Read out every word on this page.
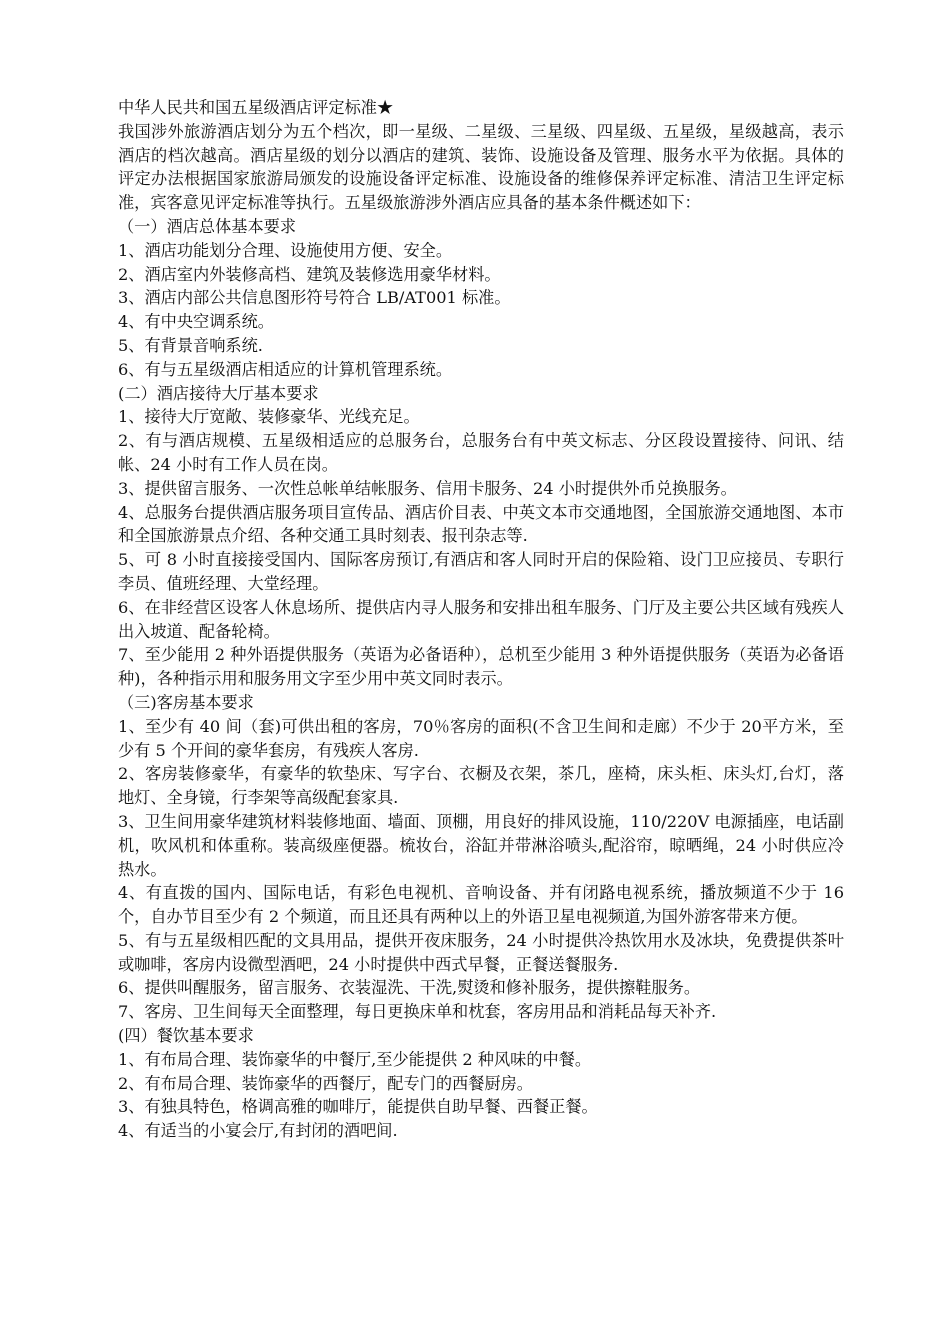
中华人民共和国五星级酒店评定标准★

我国涉外旅游酒店划分为五个档次，即一星级、二星级、三星级、四星级、五星级，星级越高，表示酒店的档次越高。酒店星级的划分以酒店的建筑、装饰、设施设备及管理、服务水平为依据。具体的评定办法根据国家旅游局颁发的设施设备评定标准、设施设备的维修保养评定标准、清洁卫生评定标准，宾客意见评定标准等执行。五星级旅游涉外酒店应具备的基本条件概述如下：

（一）酒店总体基本要求

1、酒店功能划分合理、设施使用方便、安全。

2、酒店室内外装修高档、建筑及装修选用豪华材料。

3、酒店内部公共信息图形符号符合 LB/AT001 标准。

4、有中央空调系统。

5、有背景音响系统.

6、有与五星级酒店相适应的计算机管理系统。

(二）酒店接待大厅基本要求

1、接待大厅宽敞、装修豪华、光线充足。

2、有与酒店规模、五星级相适应的总服务台，总服务台有中英文标志、分区段设置接待、问讯、结帐、24 小时有工作人员在岗。

3、提供留言服务、一次性总帐单结帐服务、信用卡服务、24 小时提供外币兑换服务。

4、总服务台提供酒店服务项目宣传品、酒店价目表、中英文本市交通地图，全国旅游交通地图、本市和全国旅游景点介绍、各种交通工具时刻表、报刊杂志等.

5、可 8 小时直接接受国内、国际客房预订,有酒店和客人同时开启的保险箱、设门卫应接员、专职行李员、值班经理、大堂经理。

6、在非经营区设客人休息场所、提供店内寻人服务和安排出租车服务、门厅及主要公共区域有残疾人出入坡道、配备轮椅。

7、至少能用 2 种外语提供服务（英语为必备语种），总机至少能用 3 种外语提供服务（英语为必备语种)，各种指示用和服务用文字至少用中英文同时表示。

（三)客房基本要求

1、至少有 40 间（套)可供出租的客房，70％客房的面积(不含卫生间和走廊）不少于 20平方米，至少有 5 个开间的豪华套房，有残疾人客房.

2、客房装修豪华，有豪华的软垫床、写字台、衣橱及衣架，茶几，座椅，床头柜、床头灯,台灯，落地灯、全身镜，行李架等高级配套家具.

3、卫生间用豪华建筑材料装修地面、墙面、顶棚，用良好的排风设施，110/220V 电源插座，电话副机，吹风机和体重称。装高级座便器。梳妆台，浴缸并带淋浴喷头,配浴帘，晾晒绳，24 小时供应冷热水。

4、有直拨的国内、国际电话，有彩色电视机、音响设备、并有闭路电视系统，播放频道不少于 16 个，自办节目至少有 2 个频道，而且还具有两种以上的外语卫星电视频道,为国外游客带来方便。

5、有与五星级相匹配的文具用品，提供开夜床服务，24 小时提供冷热饮用水及冰块，免费提供茶叶或咖啡，客房内设微型酒吧，24 小时提供中西式早餐，正餐送餐服务.

6、提供叫醒服务，留言服务、衣装湿洗、干洗,熨烫和修补服务，提供擦鞋服务。

7、客房、卫生间每天全面整理，每日更换床单和枕套，客房用品和消耗品每天补齐.

(四）餐饮基本要求

1、有布局合理、装饰豪华的中餐厅,至少能提供 2 种风味的中餐。

2、有布局合理、装饰豪华的西餐厅，配专门的西餐厨房。

3、有独具特色，格调高雅的咖啡厅，能提供自助早餐、西餐正餐。

4、有适当的小宴会厅,有封闭的酒吧间.
